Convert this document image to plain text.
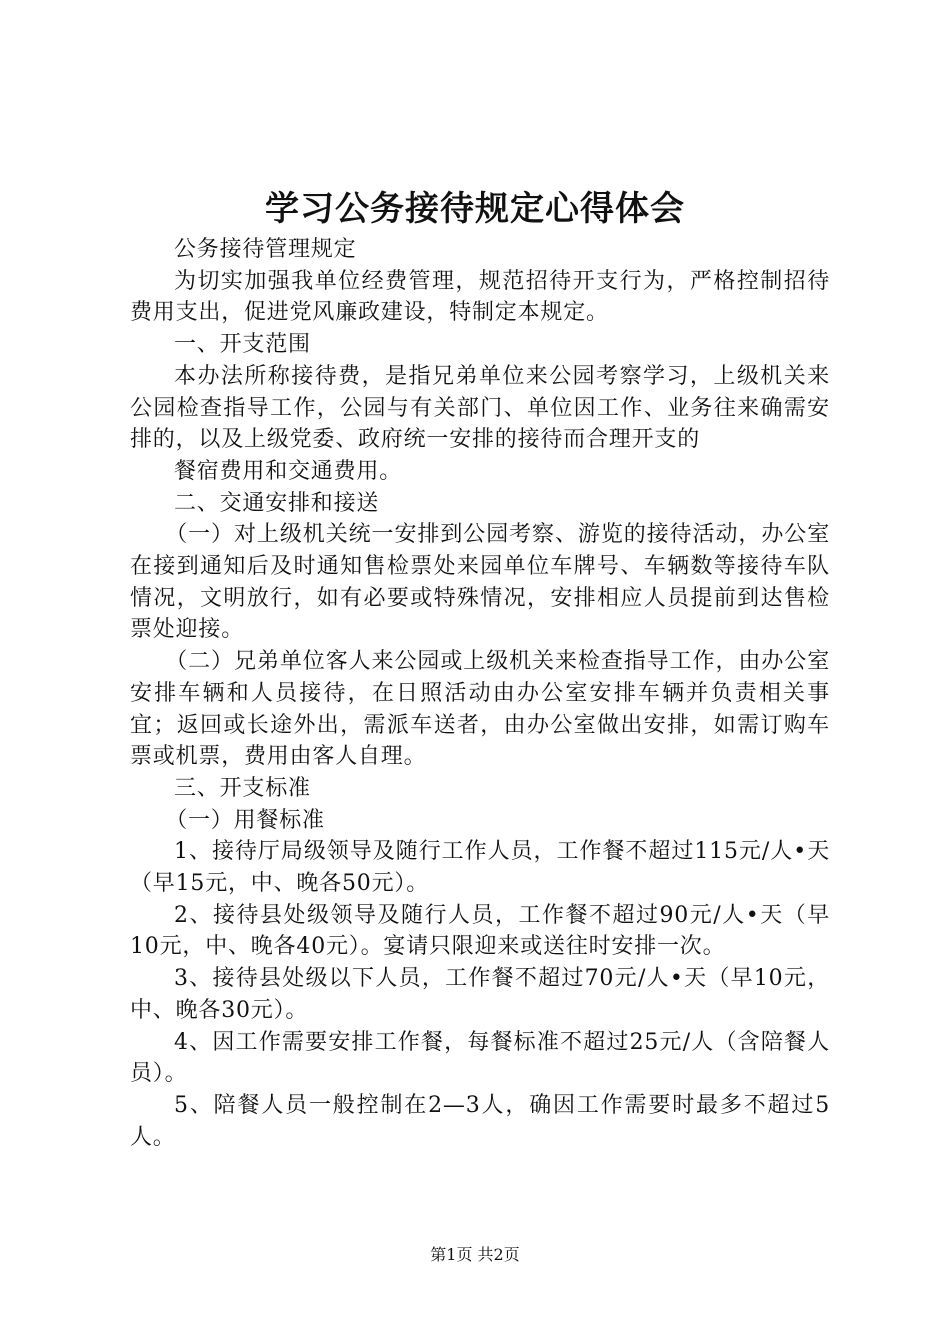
学习公务接待规定心得体会

公务接待管理规定

为切实加强我单位经费管理，规范招待开支行为，严格控制招待费用支出，促进党风廉政建设，特制定本规定。

一、开支范围

本办法所称接待费，是指兄弟单位来公园考察学习，上级机关来公园检查指导工作，公园与有关部门、单位因工作、业务往来确需安排的，以及上级党委、政府统一安排的接待而合理开支的

餐宿费用和交通费用。

二、交通安排和接送

（一）对上级机关统一安排到公园考察、游览的接待活动，办公室在接到通知后及时通知售检票处来园单位车牌号、车辆数等接待车队情况，文明放行，如有必要或特殊情况，安排相应人员提前到达售检票处迎接。

（二）兄弟单位客人来公园或上级机关来检查指导工作，由办公室安排车辆和人员接待，在日照活动由办公室安排车辆并负责相关事宜；返回或长途外出，需派车送者，由办公室做出安排，如需订购车票或机票，费用由客人自理。

三、开支标准

（一）用餐标准

1、接待厅局级领导及随行工作人员，工作餐不超过115元/人•天（早15元，中、晚各50元）。

2、接待县处级领导及随行人员，工作餐不超过90元/人•天（早10元，中、晚各40元）。宴请只限迎来或送往时安排一次。

3、接待县处级以下人员，工作餐不超过70元/人•天（早10元，中、晚各30元）。

4、因工作需要安排工作餐，每餐标准不超过25元/人（含陪餐人员）。

5、陪餐人员一般控制在2—3人，确因工作需要时最多不超过5人。

第1页 共2页
